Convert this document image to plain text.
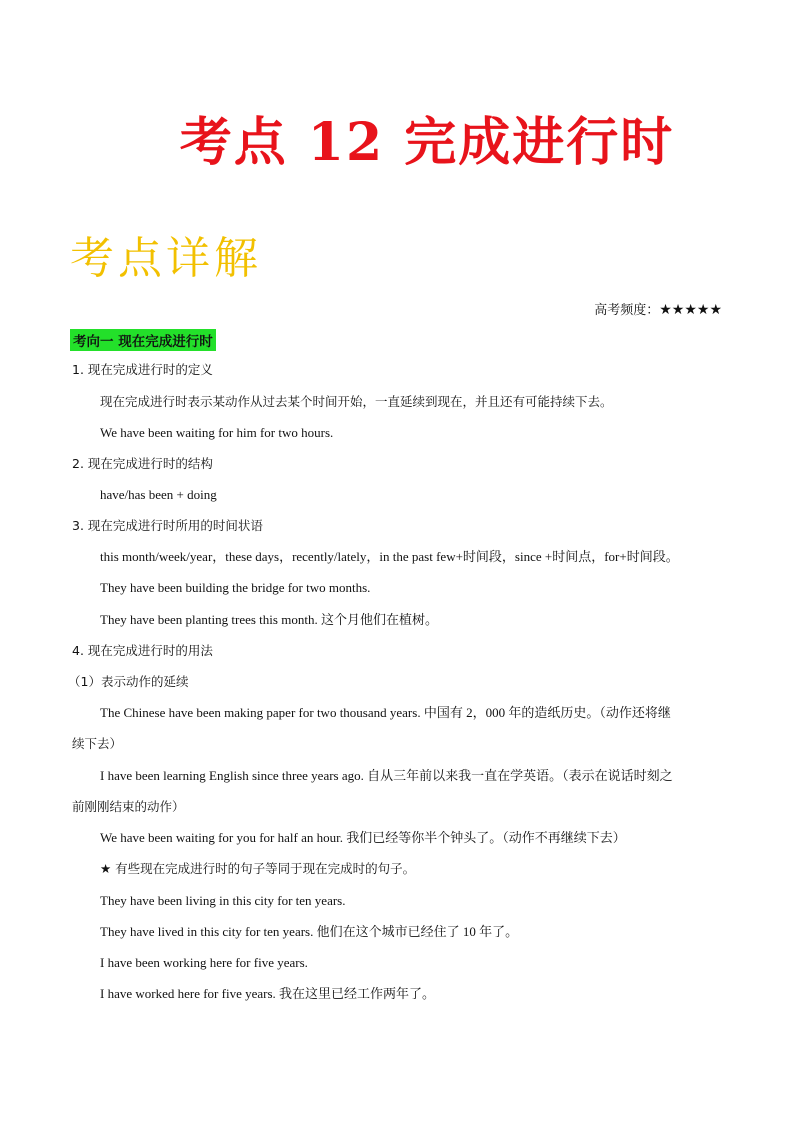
考点 12 完成进行时
考点详解
高考频度：★★★★★
考向一 现在完成进行时
1. 现在完成进行时的定义
现在完成进行时表示某动作从过去某个时间开始，一直延续到现在，并且还有可能持续下去。
We have been waiting for him for two hours.
2. 现在完成进行时的结构
have/has been + doing
3. 现在完成进行时所用的时间状语
this month/week/year，these days，recently/lately，in the past few+时间段，since +时间点，for+时间段。
They have been building the bridge for two months.
They have been planting trees this month. 这个月他们在植树。
4. 现在完成进行时的用法
（1）表示动作的延续
The Chinese have been making paper for two thousand years. 中国有 2，000 年的造纸历史。（动作还将继
续下去）
I have been learning English since three years ago. 自从三年前以来我一直在学英语。（表示在说话时刻之
前刚刚结束的动作）
We have been waiting for you for half an hour. 我们已经等你半个钟头了。（动作不再继续下去）
★ 有些现在完成进行时的句子等同于现在完成时的句子。
They have been living in this city for ten years.
They have lived in this city for ten years. 他们在这个城市已经住了 10 年了。
I have been working here for five years.
I have worked here for five years. 我在这里已经工作两年了。
